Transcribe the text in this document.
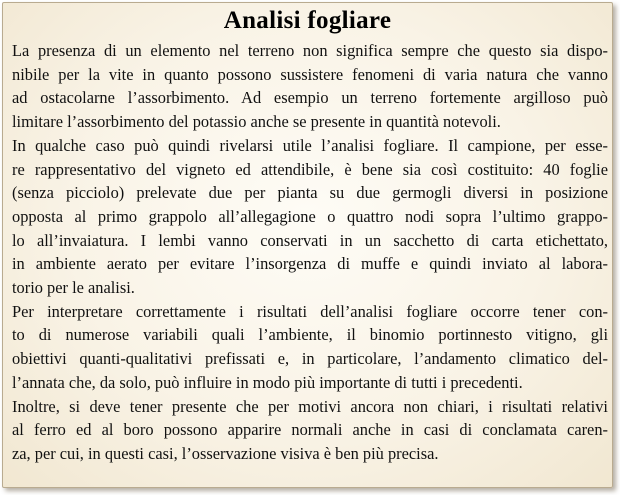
Analisi fogliare
La presenza di un elemento nel terreno non significa sempre che questo sia dispo-
nibile per la vite in quanto possono sussistere fenomeni di varia natura che vanno
ad ostacolarne l’assorbimento. Ad esempio un terreno fortemente argilloso può
limitare l’assorbimento del potassio anche se presente in quantità notevoli.
In qualche caso può quindi rivelarsi utile l’analisi fogliare. Il campione, per esse-
re rappresentativo del vigneto ed attendibile, è bene sia così costituito: 40 foglie
(senza picciolo) prelevate due per pianta su due germogli diversi in posizione
opposta al primo grappolo all’allegagione o quattro nodi sopra l’ultimo grappo-
lo all’invaiatura. I lembi vanno conservati in un sacchetto di carta etichettato,
in ambiente aerato per evitare l’insorgenza di muffe e quindi inviato al labora-
torio per le analisi.
Per interpretare correttamente i risultati dell’analisi fogliare occorre tener con-
to di numerose variabili quali l’ambiente, il binomio portinnesto vitigno, gli
obiettivi quanti-qualitativi prefissati e, in particolare, l’andamento climatico del-
l’annata che, da solo, può influire in modo più importante di tutti i precedenti.
Inoltre, si deve tener presente che per motivi ancora non chiari, i risultati relativi
al ferro ed al boro possono apparire normali anche in casi di conclamata caren-
za, per cui, in questi casi, l’osservazione visiva è ben più precisa.
